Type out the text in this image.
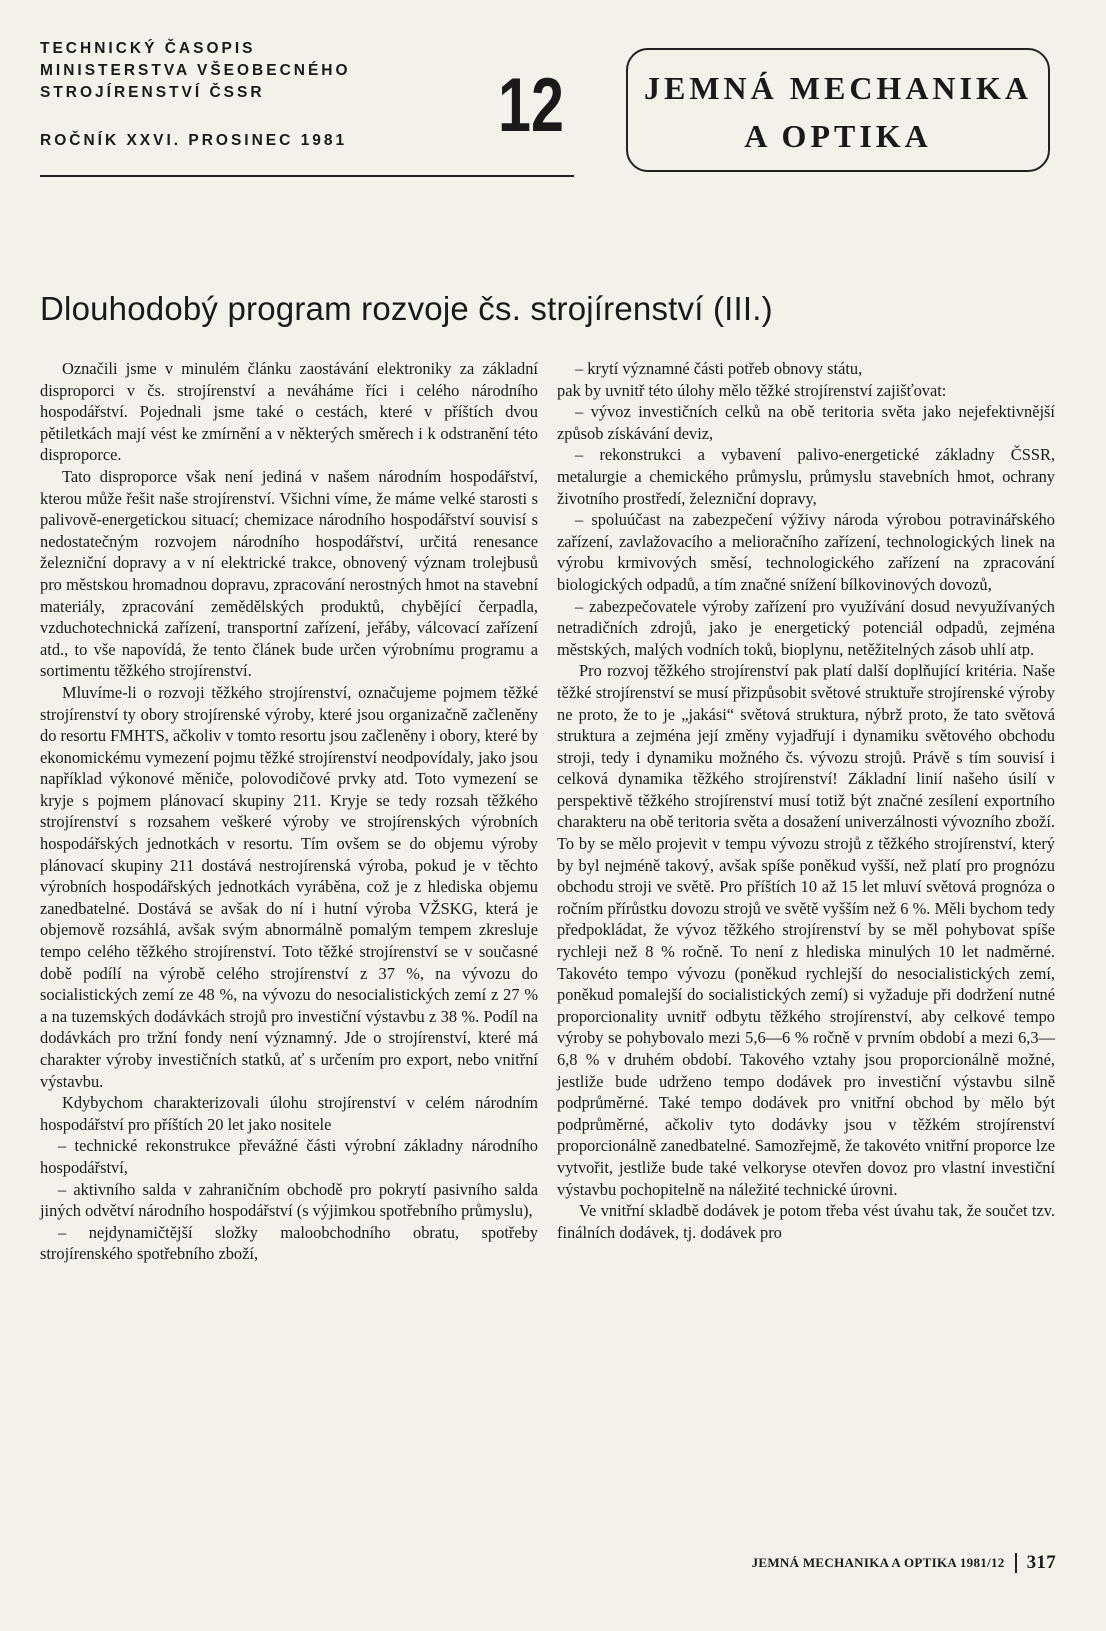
TECHNICKÝ ČASOPIS
MINISTERSTVA VŠEOBECNÉHO
STROJÍRENSTVÍ ČSSR
ROČNÍK XXVI. PROSINEC 1981 12	JEMNÁ MECHANIKA
A OPTIKA
Dlouhodobý program rozvoje čs. strojírenství (III.)

Označili jsme v minulém článku zaostávání elektroniky za základní disproporci v čs. strojírenství a neváháme říci i celého národního hospodářství. Pojednali jsme také o cestách, které v příštích dvou pětiletkách mají vést ke zmírnění a v některých směrech i k odstranění této disproporce.

Tato disproporce však není jediná v našem národním hospodářství, kterou může řešit naše strojírenství. Všichni víme, že máme velké starosti s palivově-energetickou situací; chemizace národního hospodářství souvisí s nedostatečným rozvojem národního hospodářství, určitá renesance železniční dopravy a v ní elektrické trakce, obnovený význam trolejbusů pro městskou hromadnou dopravu, zpracování nerostných hmot na stavební materiály, zpracování zemědělských produktů, chybějící čerpadla, vzduchotechnická zařízení, transportní zařízení, jeřáby, válcovací zařízení atd., to vše napovídá, že tento článek bude určen výrobnímu programu a sortimentu těžkého strojírenství.

Mluvíme-li o rozvoji těžkého strojírenství, označujeme pojmem těžké strojírenství ty obory strojírenské výroby, které jsou organizačně začleněny do resortu FMHTS, ačkoliv v tomto resortu jsou začleněny i obory, které by ekonomickému vymezení pojmu těžké strojírenství neodpovídaly, jako jsou například výkonové měniče, polovodičové prvky atd. Toto vymezení se kryje s pojmem plánovací skupiny 211. Kryje se tedy rozsah těžkého strojírenství s rozsahem veškeré výroby ve strojírenských výrobních hospodářských jednotkách v resortu. Tím ovšem se do objemu výroby plánovací skupiny 211 dostává nestrojírenská výroba, pokud je v těchto výrobních hospodářských jednotkách vyráběna, což je z hlediska objemu zanedbatelné. Dostává se avšak do ní i hutní výroba VŽSKG, která je objemově rozsáhlá, avšak svým abnormálně pomalým tempem zkresluje tempo celého těžkého strojírenství. Toto těžké strojírenství se v současné době podílí na výrobě celého strojírenství z 37 %, na vývozu do socialistických zemí ze 48 %, na vývozu do nesocialistických zemí z 27 % a na tuzemských dodávkách strojů pro investiční výstavbu z 38 %. Podíl na dodávkách pro tržní fondy není významný. Jde o strojírenství, které má charakter výroby investičních statků, ať s určením pro export, nebo vnitřní výstavbu.

Kdybychom charakterizovali úlohu strojírenství v celém národním hospodářství pro příštích 20 let jako nositele

– technické rekonstrukce převážné části výrobní základny národního hospodářství,

– aktivního salda v zahraničním obchodě pro pokrytí pasivního salda jiných odvětví národního hospodářství (s výjimkou spotřebního průmyslu),

– nejdynamičtější složky maloobchodního obratu, spotřeby strojírenského spotřebního zboží,

– krytí významné části potřeb obnovy státu,

pak by uvnitř této úlohy mělo těžké strojírenství zajišťovat:

– vývoz investičních celků na obě teritoria světa jako nejefektivnější způsob získávání deviz,

– rekonstrukci a vybavení palivo-energetické základny ČSSR, metalurgie a chemického průmyslu, průmyslu stavebních hmot, ochrany životního prostředí, železniční dopravy,

– spoluúčast na zabezpečení výživy národa výrobou potravinářského zařízení, zavlažovacího a melioračního zařízení, technologických linek na výrobu krmivových směsí, technologického zařízení na zpracování biologických odpadů, a tím značné snížení bílkovinových dovozů,

– zabezpečovatele výroby zařízení pro využívání dosud nevyužívaných netradičních zdrojů, jako je energetický potenciál odpadů, zejména městských, malých vodních toků, bioplynu, netěžitelných zásob uhlí atp.

Pro rozvoj těžkého strojírenství pak platí další doplňující kritéria. Naše těžké strojírenství se musí přizpůsobit světové struktuře strojírenské výroby ne proto, že to je „jakási“ světová struktura, nýbrž proto, že tato světová struktura a zejména její změny vyjadřují i dynamiku světového obchodu stroji, tedy i dynamiku možného čs. vývozu strojů. Právě s tím souvisí i celková dynamika těžkého strojírenství! Základní linií našeho úsilí v perspektivě těžkého strojírenství musí totiž být značné zesílení exportního charakteru na obě teritoria světa a dosažení univerzálnosti vývozního zboží. To by se mělo projevit v tempu vývozu strojů z těžkého strojírenství, který by byl nejméně takový, avšak spíše poněkud vyšší, než platí pro prognózu obchodu stroji ve světě. Pro příštích 10 až 15 let mluví světová prognóza o ročním přírůstku dovozu strojů ve světě vyšším než 6 %. Měli bychom tedy předpokládat, že vývoz těžkého strojírenství by se měl pohybovat spíše rychleji než 8 % ročně. To není z hlediska minulých 10 let nadměrné. Takovéto tempo vývozu (poněkud rychlejší do nesocialistických zemí, poněkud pomalejší do socialistických zemí) si vyžaduje při dodržení nutné proporcionality uvnitř odbytu těžkého strojírenství, aby celkové tempo výroby se pohybovalo mezi 5,6—6 % ročně v prvním období a mezi 6,3—6,8 % v druhém období. Takového vztahy jsou proporcionálně možné, jestliže bude udrženo tempo dodávek pro investiční výstavbu silně podprůměrné. Také tempo dodávek pro vnitřní obchod by mělo být podprůměrné, ačkoliv tyto dodávky jsou v těžkém strojírenství proporcionálně zanedbatelné. Samozřejmě, že takovéto vnitřní proporce lze vytvořit, jestliže bude také velkoryse otevřen dovoz pro vlastní investiční výstavbu pochopitelně na náležité technické úrovni.

Ve vnitřní skladbě dodávek je potom třeba vést úvahu tak, že součet tzv. finálních dodávek, tj. dodávek pro

JEMNÁ MECHANIKA A OPTIKA 1981/12 317
